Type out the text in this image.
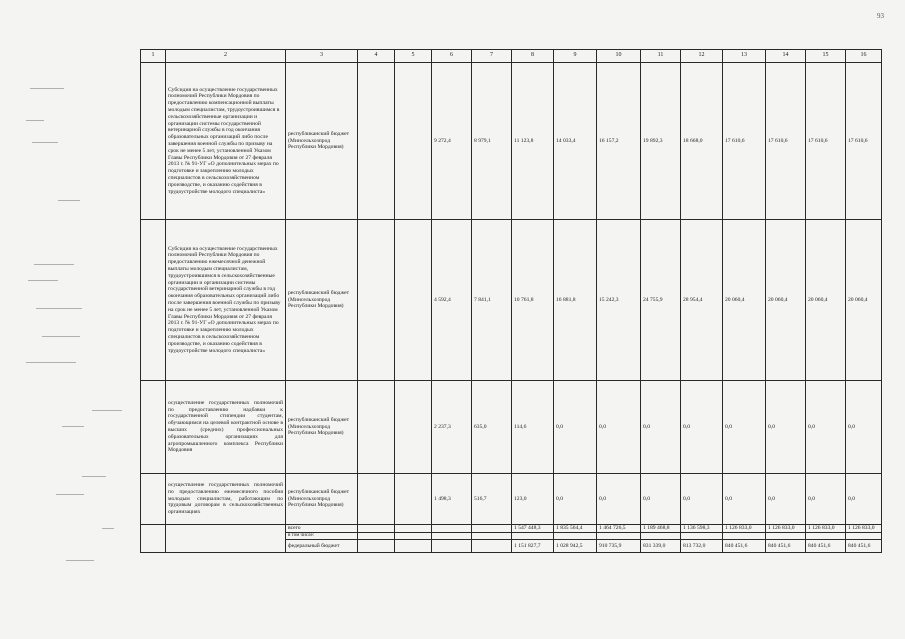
93
1	2	3	4	5	6	7	8	9	10	11	12	13	14	15	16
	Субсидия на осуществление государственных полномочий Республики Мордовия по предоставлению компенсационной выплаты молодым специалистам, трудоустроившимся в сельскохозяйственные организации и организации системы государственной ветеринарной службы в год окончания образовательных организаций либо после завершения военной службы по призыву на срок не менее 5 лет, установленной Указом Главы Республики Мордовия от 27 февраля 2013 г. № 91-УГ «О дополнительных мерах по подготовке и закреплению молодых специалистов в сельскохозяйственном производстве, и оказанию содействия в трудоустройстве молодого специалиста»	республиканский бюджет (Минсельхозпрод Республики Мордовия)			9 272,4	8 979,1	11 123,8	14 033,4	16 157,2	19 892,3	18 668,0	17 610,6	17 610,6	17 610,6	17 610,6
	Субсидия на осуществление государственных полномочий Республики Мордовия по предоставлению ежемесячной денежной выплаты молодым специалистам, трудоустроившимся в сельскохозяйственные организации и организации системы государственной ветеринарной службы в год окончания образовательных организаций либо после завершения военной службы по призыву на срок не менее 5 лет, установленной Указом Главы Республики Мордовия от 27 февраля 2013 г. № 91-УГ «О дополнительных мерах по подготовке и закреплению молодых специалистов в сельскохозяйственном производстве, и оказанию содействия в трудоустройстве молодого специалиста»	республиканский бюджет (Минсельхозпрод Республики Мордовия)			4 592,4	7 841,1	10 761,8	16 881,8	15 242,3	24 755,9	28 954,4	20 060,4	20 060,4	20 060,4	20 060,4
	осуществление государственных полномочий по предоставлению надбавки к государственной стипендии студентам, обучающимся на целевой контрактной основе в высших (средних) профессиональных образовательных организациях для агропромышленного комплекса Республики Мордовия	республиканский бюджет (Минсельхозпрод Республики Мордовия)			2 237,3	635,0	114,6	0,0	0,0	0,0	0,0	0,0	0,0	0,0	0,0
	осуществление государственных полномочий по предоставлению ежемесячного пособия молодым специалистам, работающим по трудовым договорам в сельскохозяйственных организациях	республиканский бюджет (Минсельхозпрод Республики Мордовия)			1 498,3	516,7	123,0	0,0	0,0	0,0	0,0	0,0	0,0	0,0	0,0
		всего					1 547 448,3	1 835 564,4	1 464 726,5	1 189 468,8	1 136 598,3	1 126 833,0	1 126 833,0	1 126 833,0	1 126 833,0
		в том числе:													
		федеральный бюджет					1 151 827,7	1 028 942,5	910 735,9	831 339,0	813 732,0	840 451,6	840 451,6	840 451,6	840 451,6
